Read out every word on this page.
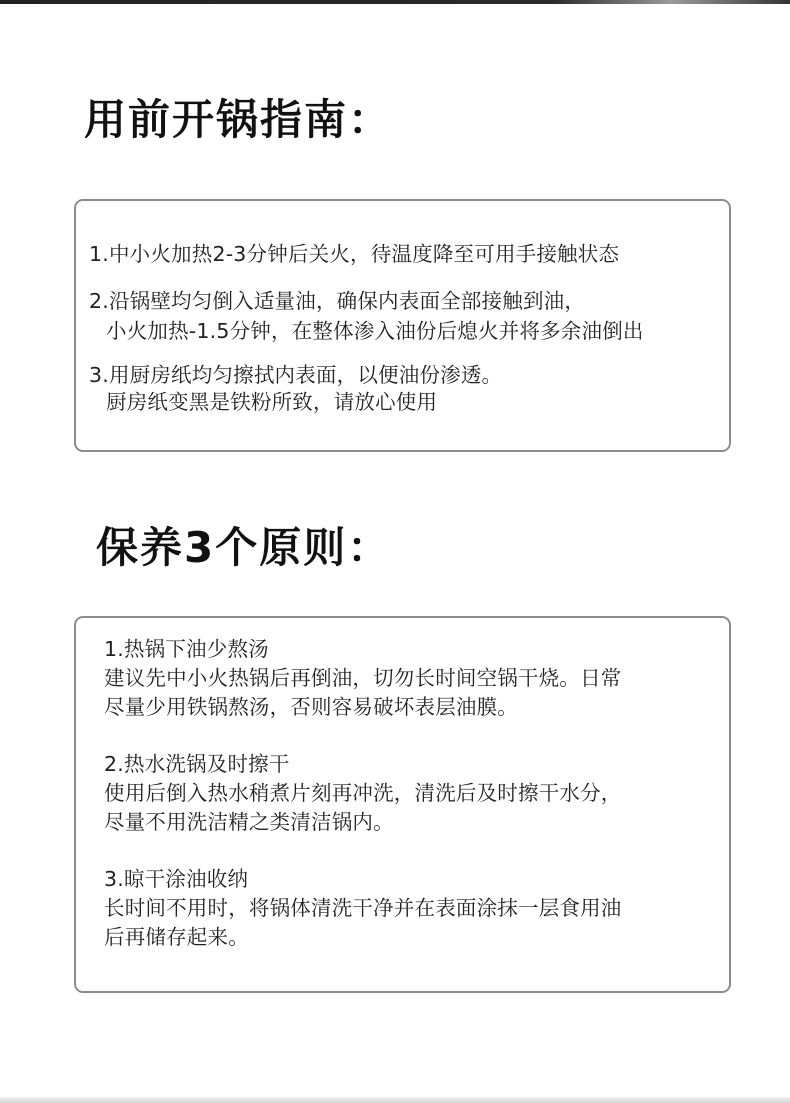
用前开锅指南：
1.中小火加热2-3分钟后关火，待温度降至可用手接触状态
2.沿锅壁均匀倒入适量油，确保内表面全部接触到油，
小火加热-1.5分钟，在整体渗入油份后熄火并将多余油倒出
3.用厨房纸均匀擦拭内表面，以便油份渗透。
厨房纸变黑是铁粉所致，请放心使用
保养3个原则：
1.热锅下油少熬汤
建议先中小火热锅后再倒油，切勿长时间空锅干烧。日常
尽量少用铁锅熬汤，否则容易破坏表层油膜。
2.热水洗锅及时擦干
使用后倒入热水稍煮片刻再冲洗，清洗后及时擦干水分，
尽量不用洗洁精之类清洁锅内。
3.晾干涂油收纳
长时间不用时，将锅体清洗干净并在表面涂抹一层食用油
后再储存起来。
